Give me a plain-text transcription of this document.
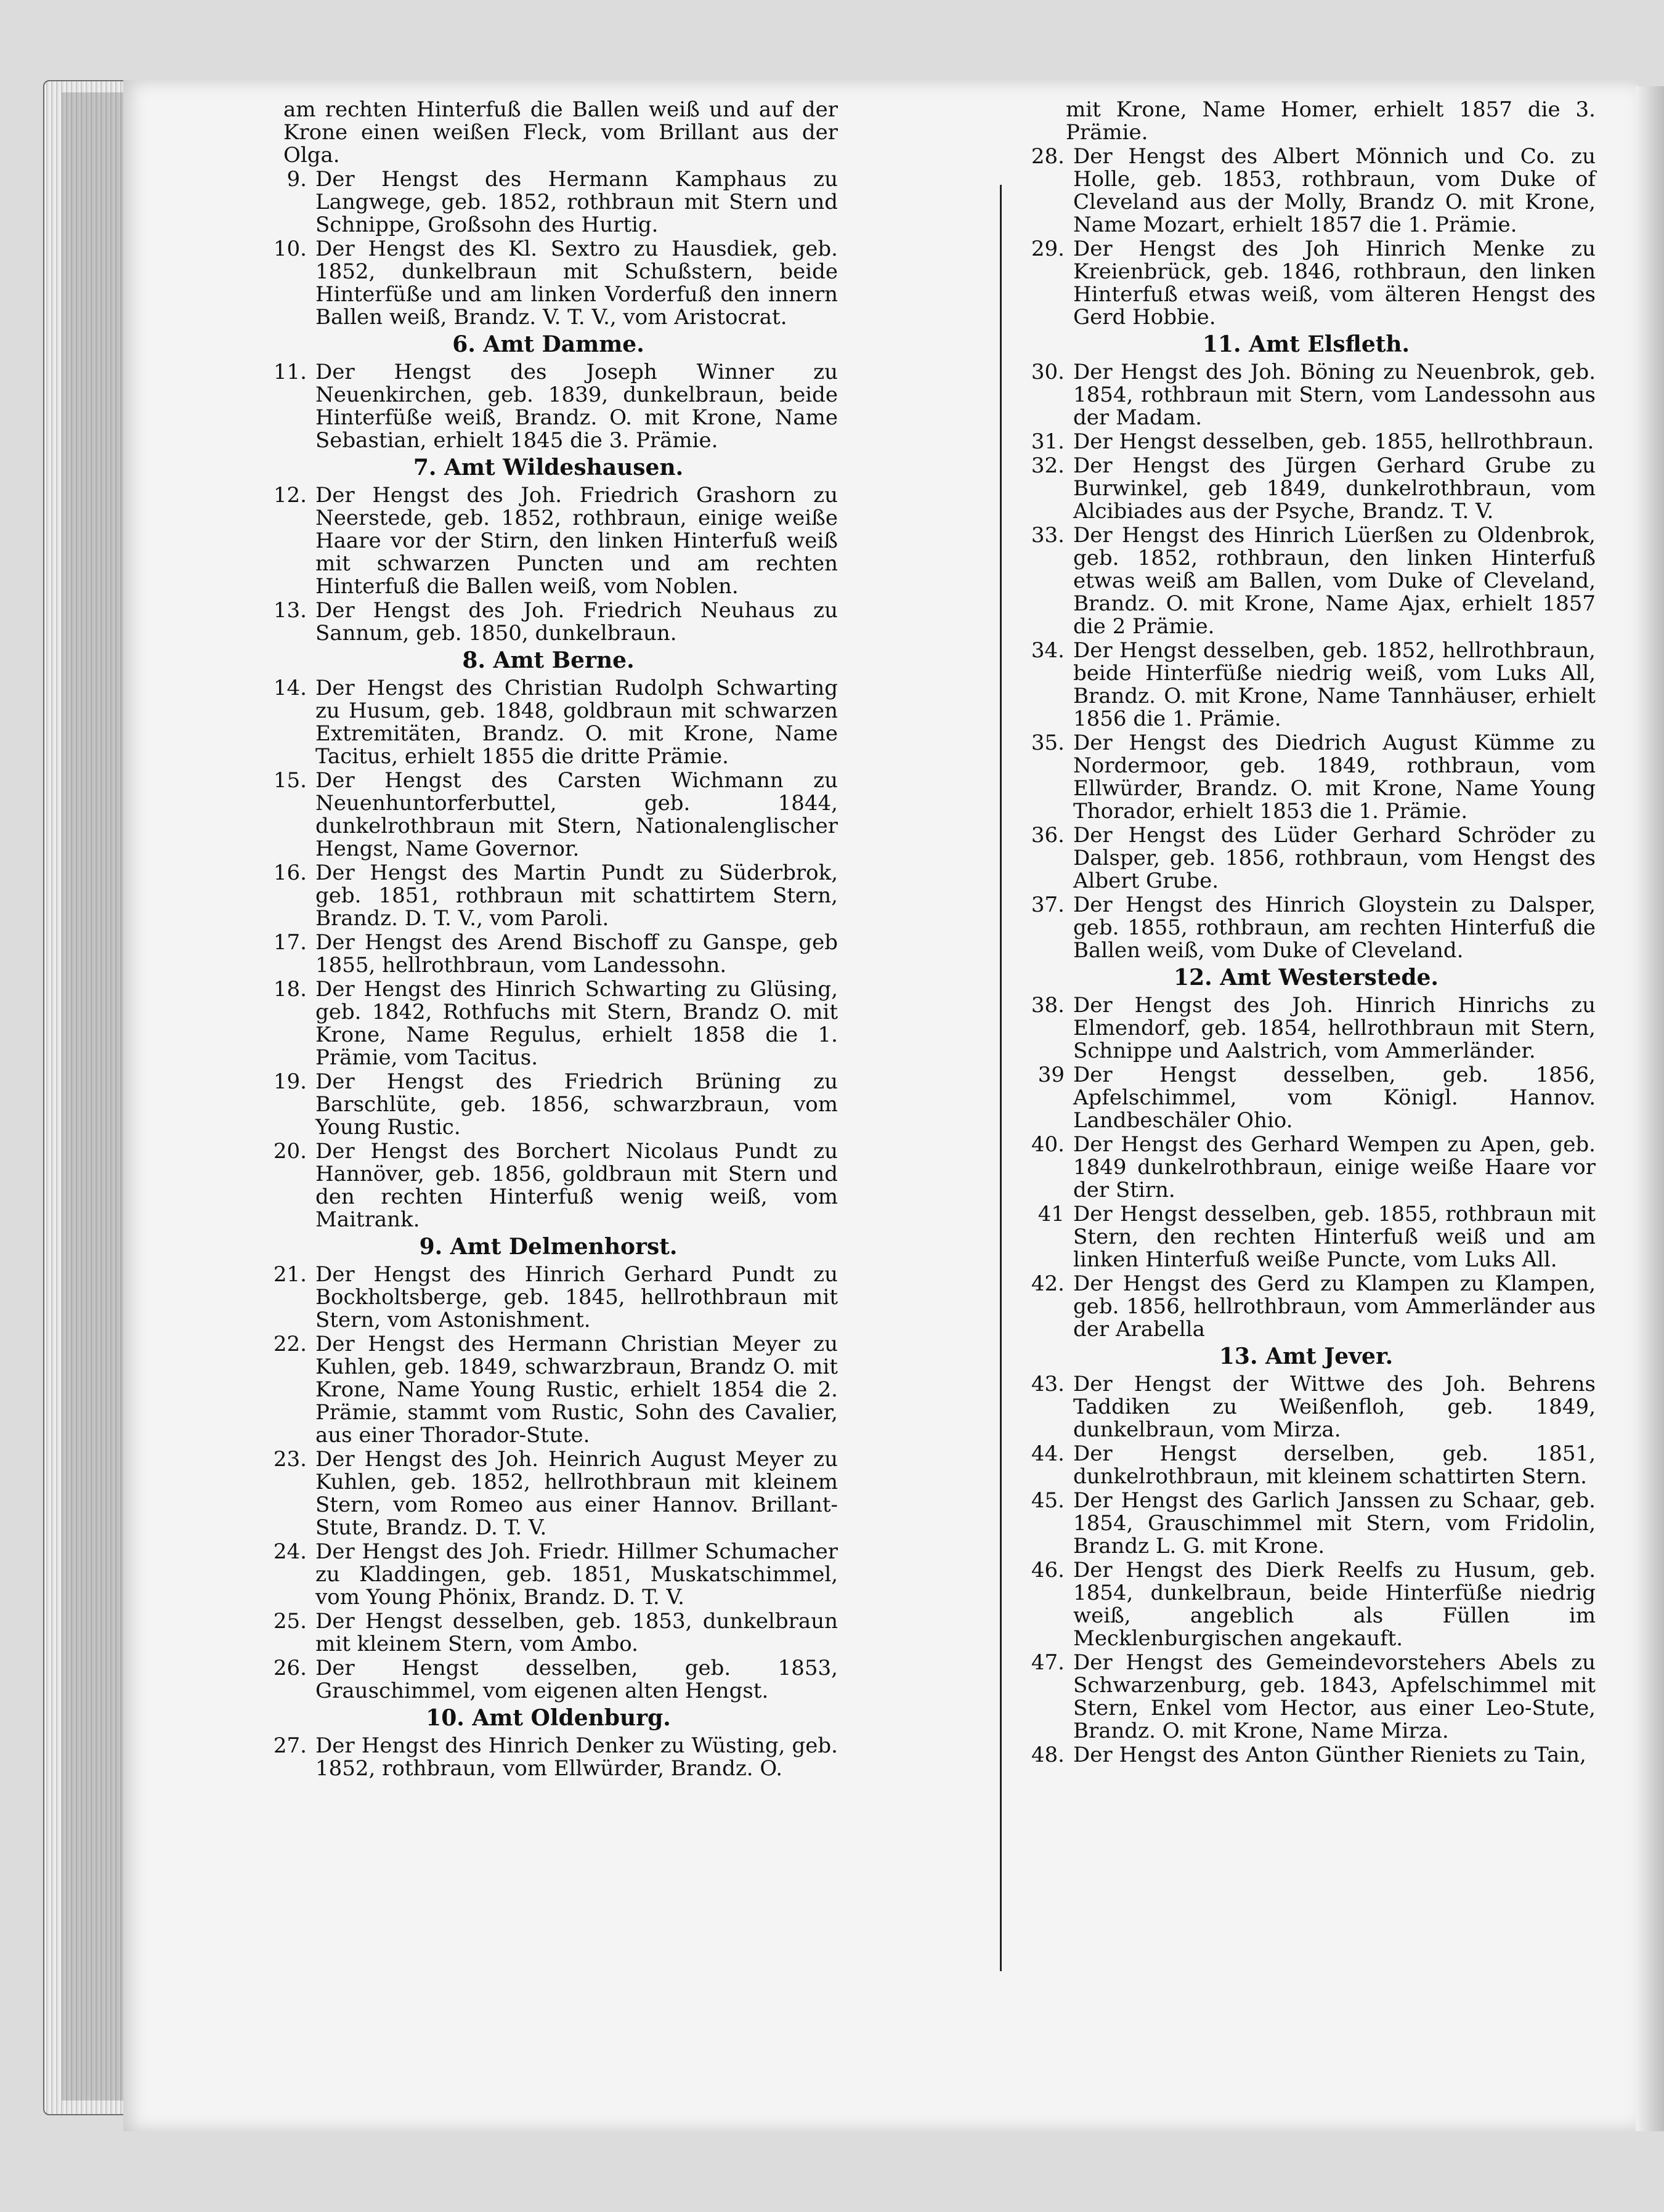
am rechten Hinterfuß die Ballen weiß und auf der Krone einen weißen Fleck, vom Brillant aus der Olga.
9. Der Hengst des Hermann Kamphaus zu Langwege, geb. 1852, rothbraun mit Stern und Schnippe, Großsohn des Hurtig.
10. Der Hengst des Kl. Sextro zu Hausdiek, geb. 1852, dunkelbraun mit Schußstern, beide Hinterfüße und am linken Vorderfuß den innern Ballen weiß, Brandz. V. T. V., vom Aristocrat.
6. Amt Damme.
11. Der Hengst des Joseph Winner zu Neuenkirchen, geb. 1839, dunkelbraun, beide Hinterfüße weiß, Brandz. O. mit Krone, Name Sebastian, erhielt 1845 die 3. Prämie.
7. Amt Wildeshausen.
12. Der Hengst des Joh. Friedrich Grashorn zu Neerstede, geb. 1852, rothbraun, einige weiße Haare vor der Stirn, den linken Hinterfuß weiß mit schwarzen Puncten und am rechten Hinterfuß die Ballen weiß, vom Noblen.
13. Der Hengst des Joh. Friedrich Neuhaus zu Sannum, geb. 1850, dunkelbraun.
8. Amt Berne.
14. Der Hengst des Christian Rudolph Schwarting zu Husum, geb. 1848, goldbraun mit schwarzen Extremitäten, Brandz. O. mit Krone, Name Tacitus, erhielt 1855 die dritte Prämie.
15. Der Hengst des Carsten Wichmann zu Neuenhuntorferbuttel, geb. 1844, dunkelrothbraun mit Stern, Nationalenglischer Hengst, Name Governor.
16. Der Hengst des Martin Pundt zu Süderbrok, geb. 1851, rothbraun mit schattirtem Stern, Brandz. D. T. V., vom Paroli.
17. Der Hengst des Arend Bischoff zu Ganspe, geb 1855, hellrothbraun, vom Landessohn.
18. Der Hengst des Hinrich Schwarting zu Glüsing, geb. 1842, Rothfuchs mit Stern, Brandz O. mit Krone, Name Regulus, erhielt 1858 die 1. Prämie, vom Tacitus.
19. Der Hengst des Friedrich Brüning zu Barschlüte, geb. 1856, schwarzbraun, vom Young Rustic.
20. Der Hengst des Borchert Nicolaus Pundt zu Hannöver, geb. 1856, goldbraun mit Stern und den rechten Hinterfuß wenig weiß, vom Maitrank.
9. Amt Delmenhorst.
21. Der Hengst des Hinrich Gerhard Pundt zu Bockholtsberge, geb. 1845, hellrothbraun mit Stern, vom Astonishment.
22. Der Hengst des Hermann Christian Meyer zu Kuhlen, geb. 1849, schwarzbraun, Brandz O. mit Krone, Name Young Rustic, erhielt 1854 die 2. Prämie, stammt vom Rustic, Sohn des Cavalier, aus einer Thorador-Stute.
23. Der Hengst des Joh. Heinrich August Meyer zu Kuhlen, geb. 1852, hellrothbraun mit kleinem Stern, vom Romeo aus einer Hannov. Brillant-Stute, Brandz. D. T. V.
24. Der Hengst des Joh. Friedr. Hillmer Schumacher zu Kladdingen, geb. 1851, Muskatschimmel, vom Young Phönix, Brandz. D. T. V.
25. Der Hengst desselben, geb. 1853, dunkelbraun mit kleinem Stern, vom Ambo.
26. Der Hengst desselben, geb. 1853, Grauschimmel, vom eigenen alten Hengst.
10. Amt Oldenburg.
27. Der Hengst des Hinrich Denker zu Wüsting, geb. 1852, rothbraun, vom Ellwürder, Brandz. O.
mit Krone, Name Homer, erhielt 1857 die 3. Prämie.
28. Der Hengst des Albert Mönnich und Co. zu Holle, geb. 1853, rothbraun, vom Duke of Cleveland aus der Molly, Brandz O. mit Krone, Name Mozart, erhielt 1857 die 1. Prämie.
29. Der Hengst des Joh Hinrich Menke zu Kreienbrück, geb. 1846, rothbraun, den linken Hinterfuß etwas weiß, vom älteren Hengst des Gerd Hobbie.
11. Amt Elsfleth.
30. Der Hengst des Joh. Böning zu Neuenbrok, geb. 1854, rothbraun mit Stern, vom Landessohn aus der Madam.
31. Der Hengst desselben, geb. 1855, hellrothbraun.
32. Der Hengst des Jürgen Gerhard Grube zu Burwinkel, geb 1849, dunkelrothbraun, vom Alcibiades aus der Psyche, Brandz. T. V.
33. Der Hengst des Hinrich Lüerßen zu Oldenbrok, geb. 1852, rothbraun, den linken Hinterfuß etwas weiß am Ballen, vom Duke of Cleveland, Brandz. O. mit Krone, Name Ajax, erhielt 1857 die 2 Prämie.
34. Der Hengst desselben, geb. 1852, hellrothbraun, beide Hinterfüße niedrig weiß, vom Luks All, Brandz. O. mit Krone, Name Tannhäuser, erhielt 1856 die 1. Prämie.
35. Der Hengst des Diedrich August Kümme zu Nordermoor, geb. 1849, rothbraun, vom Ellwürder, Brandz. O. mit Krone, Name Young Thorador, erhielt 1853 die 1. Prämie.
36. Der Hengst des Lüder Gerhard Schröder zu Dalsper, geb. 1856, rothbraun, vom Hengst des Albert Grube.
37. Der Hengst des Hinrich Gloystein zu Dalsper, geb. 1855, rothbraun, am rechten Hinterfuß die Ballen weiß, vom Duke of Cleveland.
12. Amt Westerstede.
38. Der Hengst des Joh. Hinrich Hinrichs zu Elmendorf, geb. 1854, hellrothbraun mit Stern, Schnippe und Aalstrich, vom Ammerländer.
39 Der Hengst desselben, geb. 1856, Apfelschimmel, vom Königl. Hannov. Landbeschäler Ohio.
40. Der Hengst des Gerhard Wempen zu Apen, geb. 1849 dunkelrothbraun, einige weiße Haare vor der Stirn.
41 Der Hengst desselben, geb. 1855, rothbraun mit Stern, den rechten Hinterfuß weiß und am linken Hinterfuß weiße Puncte, vom Luks All.
42. Der Hengst des Gerd zu Klampen zu Klampen, geb. 1856, hellrothbraun, vom Ammerländer aus der Arabella
13. Amt Jever.
43. Der Hengst der Wittwe des Joh. Behrens Taddiken zu Weißenfloh, geb. 1849, dunkelbraun, vom Mirza.
44. Der Hengst derselben, geb. 1851, dunkelrothbraun, mit kleinem schattirten Stern.
45. Der Hengst des Garlich Janssen zu Schaar, geb. 1854, Grauschimmel mit Stern, vom Fridolin, Brandz L. G. mit Krone.
46. Der Hengst des Dierk Reelfs zu Husum, geb. 1854, dunkelbraun, beide Hinterfüße niedrig weiß, angeblich als Füllen im Mecklenburgischen angekauft.
47. Der Hengst des Gemeindevorstehers Abels zu Schwarzenburg, geb. 1843, Apfelschimmel mit Stern, Enkel vom Hector, aus einer Leo-Stute, Brandz. O. mit Krone, Name Mirza.
48. Der Hengst des Anton Günther Rieniets zu Tain,
